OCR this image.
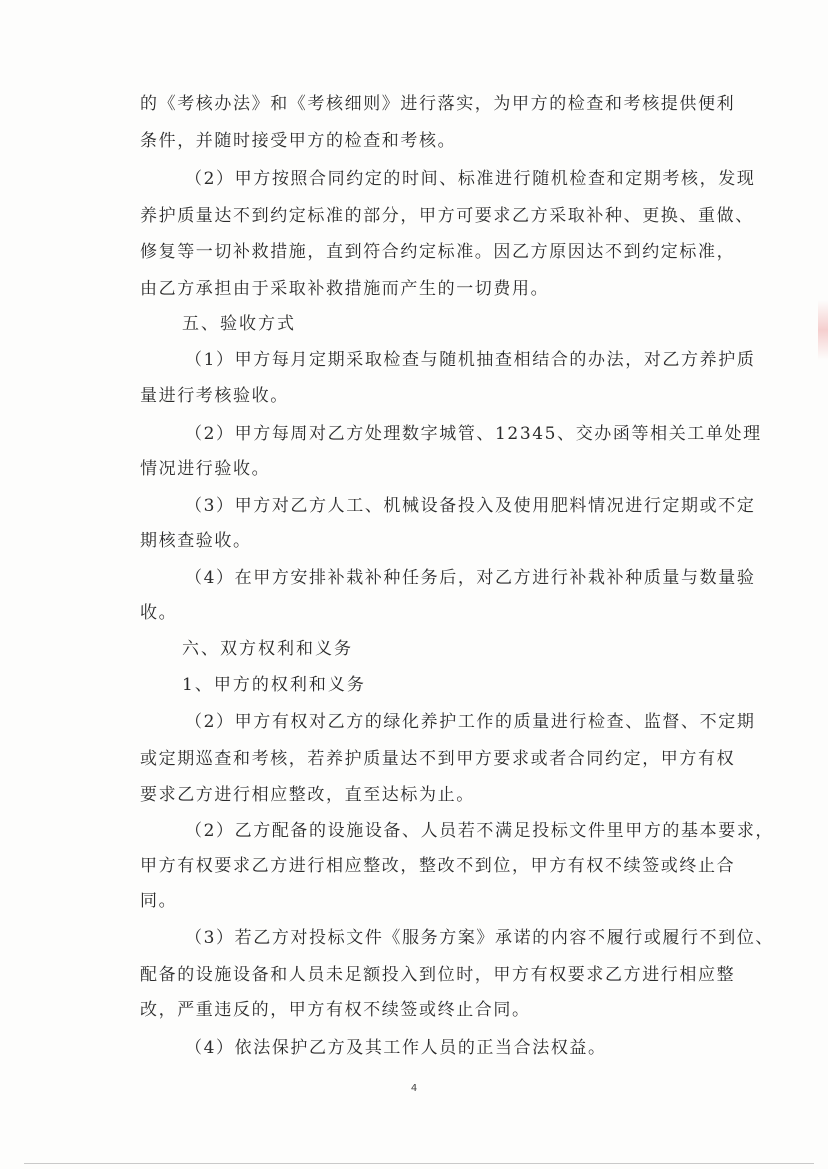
的《考核办法》和《考核细则》进行落实，为甲方的检查和考核提供便利
条件，并随时接受甲方的检查和考核。
（2）甲方按照合同约定的时间、标准进行随机检查和定期考核，发现
养护质量达不到约定标准的部分，甲方可要求乙方采取补种、更换、重做、
修复等一切补救措施，直到符合约定标准。因乙方原因达不到约定标准，
由乙方承担由于采取补救措施而产生的一切费用。
五、验收方式
（1）甲方每月定期采取检查与随机抽查相结合的办法，对乙方养护质
量进行考核验收。
（2）甲方每周对乙方处理数字城管、12345、交办函等相关工单处理
情况进行验收。
（3）甲方对乙方人工、机械设备投入及使用肥料情况进行定期或不定
期核查验收。
（4）在甲方安排补栽补种任务后，对乙方进行补栽补种质量与数量验
收。
六、双方权利和义务
1、甲方的权利和义务
（2）甲方有权对乙方的绿化养护工作的质量进行检查、监督、不定期
或定期巡查和考核，若养护质量达不到甲方要求或者合同约定，甲方有权
要求乙方进行相应整改，直至达标为止。
（2）乙方配备的设施设备、人员若不满足投标文件里甲方的基本要求，
甲方有权要求乙方进行相应整改，整改不到位，甲方有权不续签或终止合
同。
（3）若乙方对投标文件《服务方案》承诺的内容不履行或履行不到位、
配备的设施设备和人员未足额投入到位时，甲方有权要求乙方进行相应整
改，严重违反的，甲方有权不续签或终止合同。
（4）依法保护乙方及其工作人员的正当合法权益。
4
